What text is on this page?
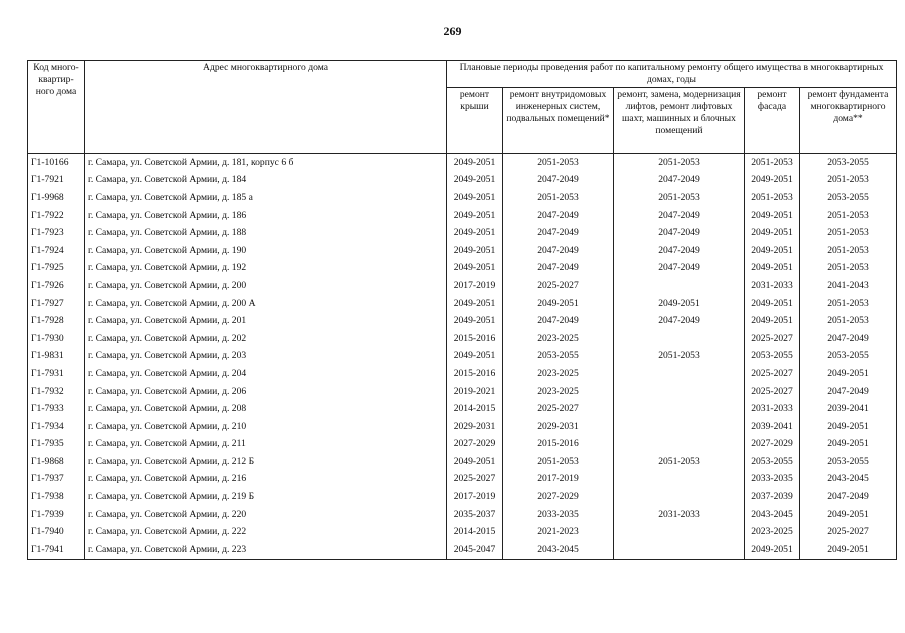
269
Код много-квартир-ного дома	Адрес многоквартирного дома	Плановые периоды проведения работ по капитальному ремонту общего имущества в многоквартирных домах, годы				
		ремонт крыши	ремонт внутридомовых инженерных систем, подвальных помещений*	ремонт, замена, модернизация лифтов, ремонт лифтовых шахт, машинных и блочных помещений	ремонт фасада	ремонт фундамента многоквартирного дома**
Г1-10166	г. Самара, ул. Советской Армии, д. 181, корпус 6 б	2049-2051	2051-2053	2051-2053	2051-2053	2053-2055
Г1-7921	г. Самара, ул. Советской Армии, д. 184	2049-2051	2047-2049	2047-2049	2049-2051	2051-2053
Г1-9968	г. Самара, ул. Советской Армии, д. 185 а	2049-2051	2051-2053	2051-2053	2051-2053	2053-2055
Г1-7922	г. Самара, ул. Советской Армии, д. 186	2049-2051	2047-2049	2047-2049	2049-2051	2051-2053
Г1-7923	г. Самара, ул. Советской Армии, д. 188	2049-2051	2047-2049	2047-2049	2049-2051	2051-2053
Г1-7924	г. Самара, ул. Советской Армии, д. 190	2049-2051	2047-2049	2047-2049	2049-2051	2051-2053
Г1-7925	г. Самара, ул. Советской Армии, д. 192	2049-2051	2047-2049	2047-2049	2049-2051	2051-2053
Г1-7926	г. Самара, ул. Советской Армии, д. 200	2017-2019	2025-2027		2031-2033	2041-2043
Г1-7927	г. Самара, ул. Советской Армии, д. 200 А	2049-2051	2049-2051	2049-2051	2049-2051	2051-2053
Г1-7928	г. Самара, ул. Советской Армии, д. 201	2049-2051	2047-2049	2047-2049	2049-2051	2051-2053
Г1-7930	г. Самара, ул. Советской Армии, д. 202	2015-2016	2023-2025		2025-2027	2047-2049
Г1-9831	г. Самара, ул. Советской Армии, д. 203	2049-2051	2053-2055	2051-2053	2053-2055	2053-2055
Г1-7931	г. Самара, ул. Советской Армии, д. 204	2015-2016	2023-2025		2025-2027	2049-2051
Г1-7932	г. Самара, ул. Советской Армии, д. 206	2019-2021	2023-2025		2025-2027	2047-2049
Г1-7933	г. Самара, ул. Советской Армии, д. 208	2014-2015	2025-2027		2031-2033	2039-2041
Г1-7934	г. Самара, ул. Советской Армии, д. 210	2029-2031	2029-2031		2039-2041	2049-2051
Г1-7935	г. Самара, ул. Советской Армии, д. 211	2027-2029	2015-2016		2027-2029	2049-2051
Г1-9868	г. Самара, ул. Советской Армии, д. 212 Б	2049-2051	2051-2053	2051-2053	2053-2055	2053-2055
Г1-7937	г. Самара, ул. Советской Армии, д. 216	2025-2027	2017-2019		2033-2035	2043-2045
Г1-7938	г. Самара, ул. Советской Армии, д. 219 Б	2017-2019	2027-2029		2037-2039	2047-2049
Г1-7939	г. Самара, ул. Советской Армии, д. 220	2035-2037	2033-2035	2031-2033	2043-2045	2049-2051
Г1-7940	г. Самара, ул. Советской Армии, д. 222	2014-2015	2021-2023		2023-2025	2025-2027
Г1-7941	г. Самара, ул. Советской Армии, д. 223	2045-2047	2043-2045		2049-2051	2049-2051
